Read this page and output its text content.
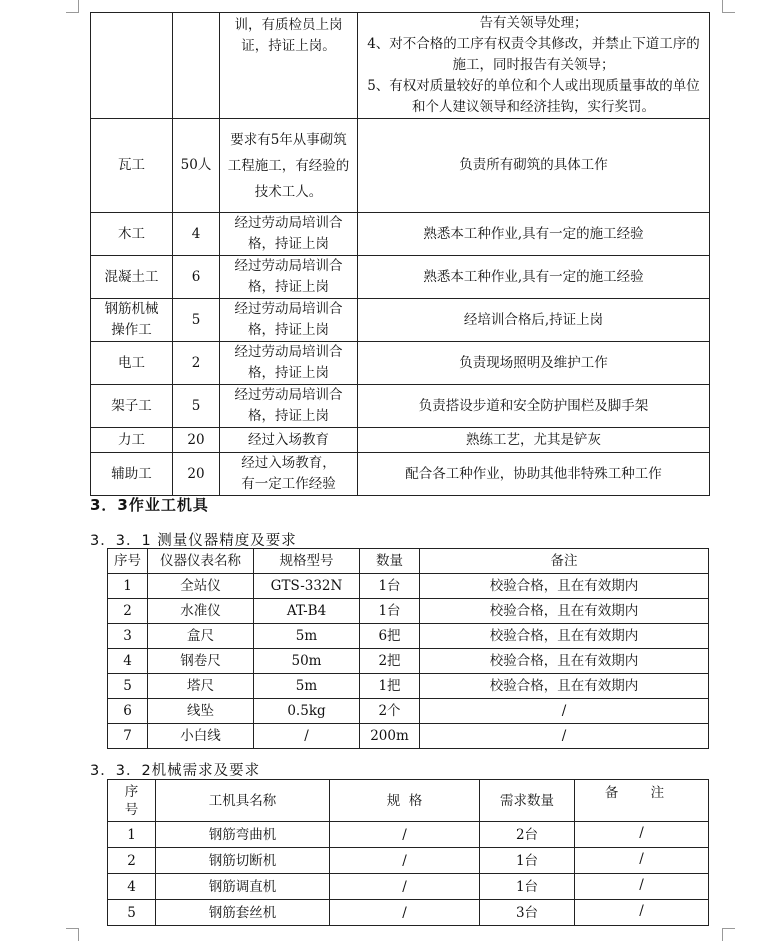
		训，有质检员上岗
证，持证上岗。	告有关领导处理；
4、对不合格的工序有权责令其修改，并禁止下道工序的
施工，同时报告有关领导；
5、有权对质量较好的单位和个人或出现质量事故的单位
和个人建议领导和经济挂钩，实行奖罚。
瓦工	50人	要求有5年从事砌筑
工程施工，有经验的
技术工人。	负责所有砌筑的具体工作
木工	4	经过劳动局培训合
格，持证上岗	熟悉本工种作业,具有一定的施工经验
混凝土工	6	经过劳动局培训合
格，持证上岗	熟悉本工种作业,具有一定的施工经验
钢筋机械
操作工	5	经过劳动局培训合
格，持证上岗	经培训合格后,持证上岗
电工	2	经过劳动局培训合
格，持证上岗	负责现场照明及维护工作
架子工	5	经过劳动局培训合
格，持证上岗	负责搭设步道和安全防护围栏及脚手架
力工	20	经过入场教育	熟练工艺，尤其是铲灰
辅助工	20	经过入场教育，
有一定工作经验	配合各工种作业，协助其他非特殊工种工作
3．3作业工机具
3．3．1 测量仪器精度及要求
序号	仪器仪表名称	规格型号	数量	备注
1	全站仪	GTS-332N	1台	校验合格，且在有效期内
2	水准仪	AT-B4	1台	校验合格，且在有效期内
3	盒尺	5m	6把	校验合格，且在有效期内
4	钢卷尺	50m	2把	校验合格，且在有效期内
5	塔尺	5m	1把	校验合格，且在有效期内
6	线坠	0.5kg	2个	/
7	小白线	/	200m	/
3．3．2机械需求及要求
序
号	工机具名称	规  格	需求数量	备 注
1	钢筋弯曲机	/	2台	/
2	钢筋切断机	/	1台	/
4	钢筋调直机	/	1台	/
5	钢筋套丝机	/	3台	/
